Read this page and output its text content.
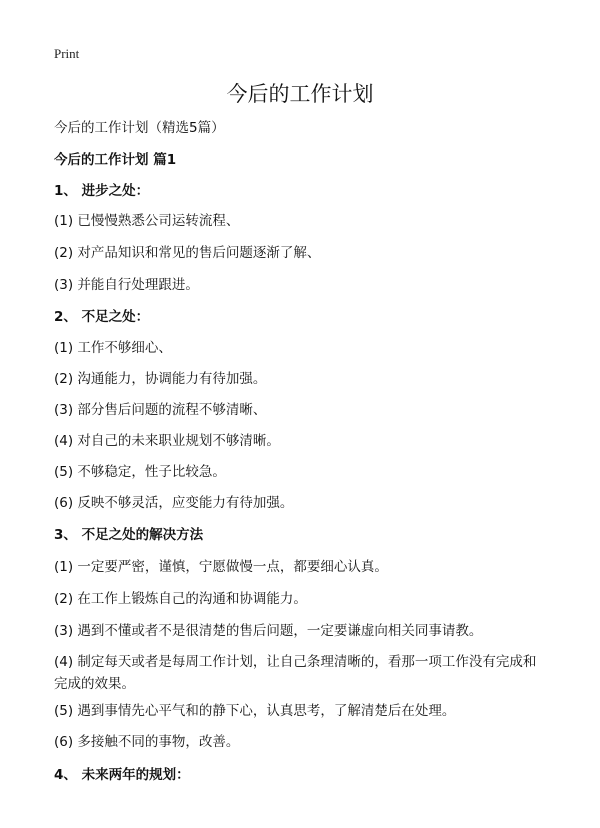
Print
今后的工作计划
今后的工作计划（精选5篇）
今后的工作计划 篇1
1、 进步之处：
(1) 已慢慢熟悉公司运转流程、
(2) 对产品知识和常见的售后问题逐渐了解、
(3) 并能自行处理跟进。
2、 不足之处：
(1) 工作不够细心、
(2) 沟通能力，协调能力有待加强。
(3) 部分售后问题的流程不够清晰、
(4) 对自己的未来职业规划不够清晰。
(5) 不够稳定，性子比较急。
(6) 反映不够灵活，应变能力有待加强。
3、 不足之处的解决方法
(1) 一定要严密，谨慎，宁愿做慢一点，都要细心认真。
(2) 在工作上锻炼自己的沟通和协调能力。
(3) 遇到不懂或者不是很清楚的售后问题，一定要谦虚向相关同事请教。
(4) 制定每天或者是每周工作计划，让自己条理清晰的，看那一项工作没有完成和完成的效果。
(5) 遇到事情先心平气和的静下心，认真思考，了解清楚后在处理。
(6) 多接触不同的事物，改善。
4、 未来两年的规划：
